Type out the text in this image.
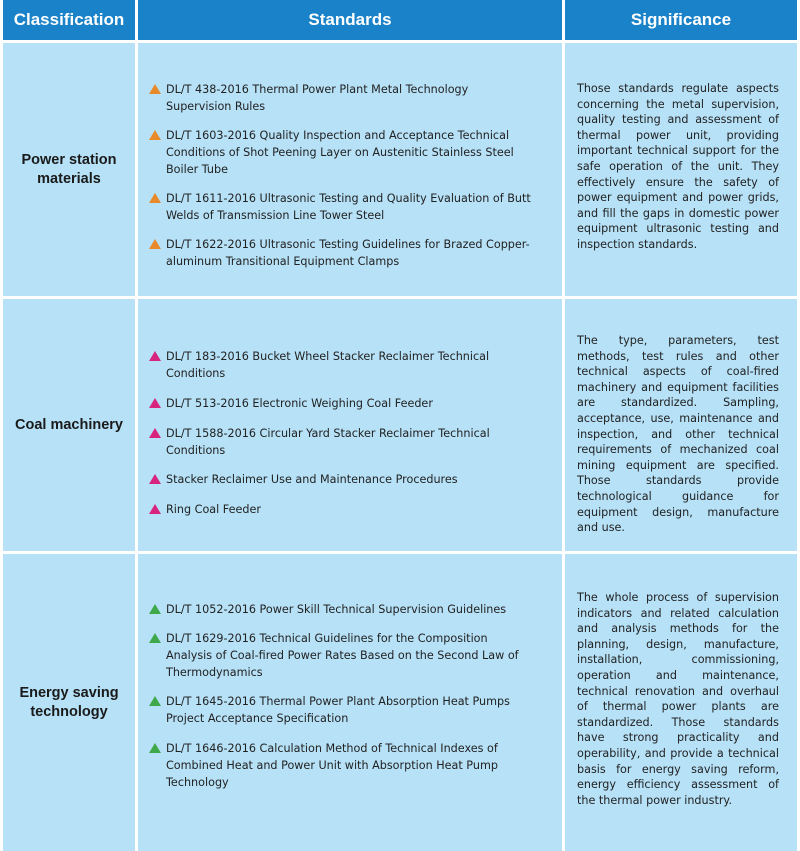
Classification	Standards	Significance
Power station materials
DL/T 438-2016 Thermal Power Plant Metal Technology Supervision Rules
DL/T 1603-2016 Quality Inspection and Acceptance Technical Conditions of Shot Peening Layer on Austenitic Stainless Steel Boiler Tube
DL/T 1611-2016 Ultrasonic Testing and Quality Evaluation of Butt Welds of Transmission Line Tower Steel
DL/T 1622-2016 Ultrasonic Testing Guidelines for Brazed Copper-aluminum Transitional Equipment Clamps

Those standards regulate aspects concerning the metal supervision, quality testing and assessment of thermal power unit, providing important technical support for the safe operation of the unit. They effectively ensure the safety of power equipment and power grids, and fill the gaps in domestic power equipment ultrasonic testing and inspection standards.

Coal machinery
DL/T 183-2016 Bucket Wheel Stacker Reclaimer Technical Conditions
DL/T 513-2016 Electronic Weighing Coal Feeder
DL/T 1588-2016 Circular Yard Stacker Reclaimer Technical Conditions
Stacker Reclaimer Use and Maintenance Procedures
Ring Coal Feeder

The type, parameters, test methods, test rules and other technical aspects of coal-fired machinery and equipment facilities are standardized. Sampling, acceptance, use, maintenance and inspection, and other technical requirements of mechanized coal mining equipment are specified. Those standards provide technological guidance for equipment design, manufacture and use.

Energy saving technology
DL/T 1052-2016 Power Skill Technical Supervision Guidelines
DL/T 1629-2016 Technical Guidelines for the Composition Analysis of Coal-fired Power Rates Based on the Second Law of Thermodynamics
DL/T 1645-2016 Thermal Power Plant Absorption Heat Pumps Project Acceptance Specification
DL/T 1646-2016 Calculation Method of Technical Indexes of Combined Heat and Power Unit with Absorption Heat Pump Technology

The whole process of supervision indicators and related calculation and analysis methods for the planning, design, manufacture, installation, commissioning, operation and maintenance, technical renovation and overhaul of thermal power plants are standardized. Those standards have strong practicality and operability, and provide a technical basis for energy saving reform, energy efficiency assessment of the thermal power industry.
